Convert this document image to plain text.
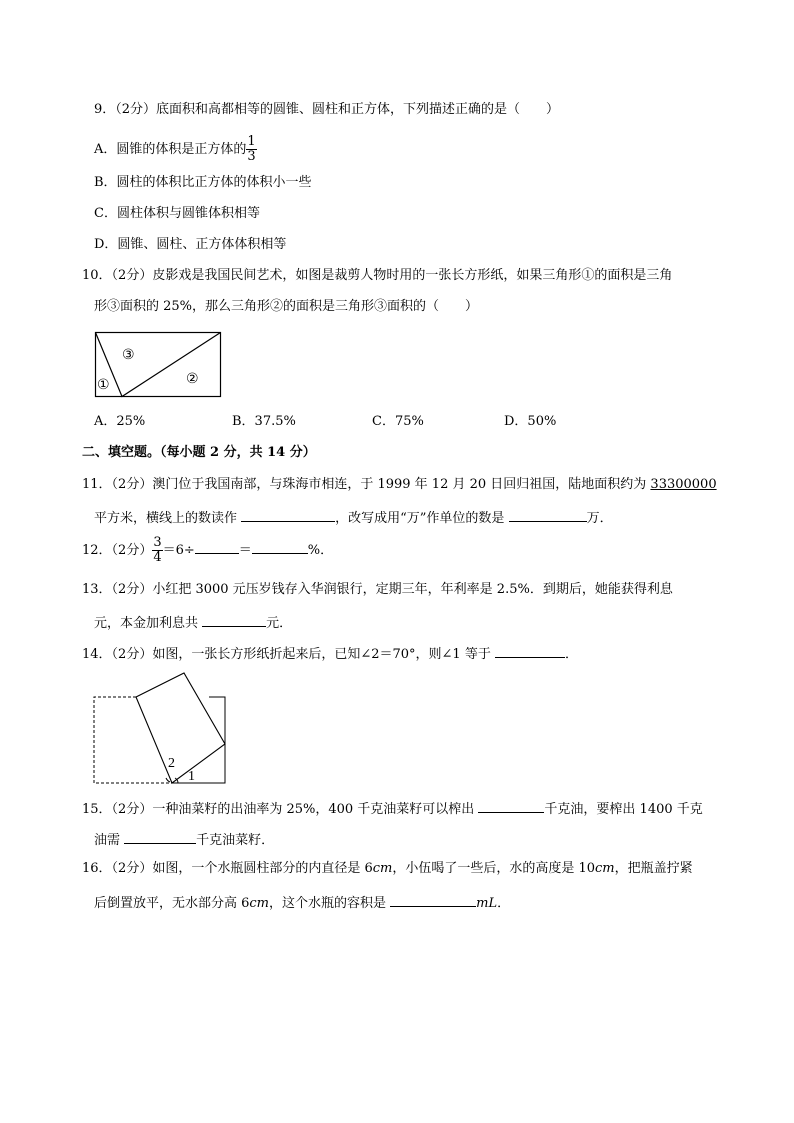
9．（2分）底面积和高都相等的圆锥、圆柱和正方体，下列描述正确的是（　　）
A．圆锥的体积是正方体的 $\frac{1}{3}$
B．圆柱的体积比正方体的体积小一些
C．圆柱体积与圆锥体积相等
D．圆锥、圆柱、正方体体积相等
10．（2分）皮影戏是我国民间艺术，如图是裁剪人物时用的一张长方形纸，如果三角形①的面积是三角
形③面积的 25%，那么三角形②的面积是三角形③面积的（　　）
③
①	②
A．25%	B．37.5%	C．75%	D．50%
二、填空题。（每小题 2 分，共 14 分）
11．（2分）澳门位于我国南部，与珠海市相连，于 1999 年 12 月 20 日回归祖国，陆地面积约为 33300000
平方米，横线上的数读作	，改写成用“万”作单位的数是	万．
12．（2分） $\frac{3}{4} =6\div$	＝	%．
13．（2分）小红把 3000 元压岁钱存入华润银行，定期三年，年利率是 2.5%．到期后，她能获得利息
元，本金加利息共	元．
14．（2分）如图，一张长方形纸折起来后，已知∠2＝70°，则∠1 等于	．
2
1
15．（2分）一种油菜籽的出油率为 25%，400 千克油菜籽可以榨出	千克油，要榨出 1400 千克
油需	千克油菜籽．
16．（2分）如图，一个水瓶圆柱部分的内直径是 6cm，小伍喝了一些后，水的高度是 10cm，把瓶盖拧紧
后倒置放平，无水部分高 6cm，这个水瓶的容积是	mL．
